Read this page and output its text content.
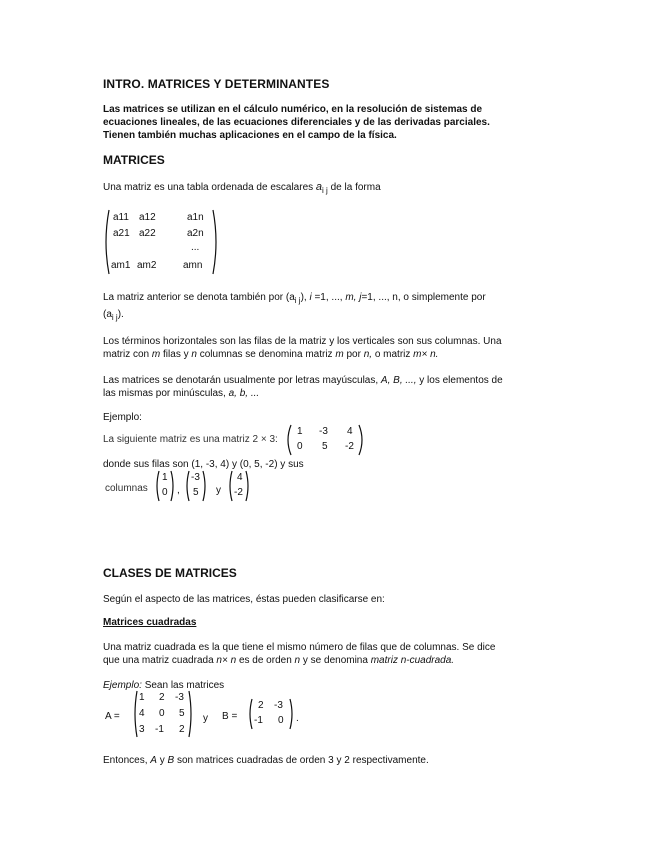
INTRO. MATRICES Y DETERMINANTES
Las matrices se utilizan en el cálculo numérico, en la resolución de sistemas de ecuaciones lineales, de las ecuaciones diferenciales y de las derivadas parciales. Tienen también muchas aplicaciones en el campo de la física.
MATRICES
Una matriz es una tabla ordenada de escalares $a_{i j}$ de la forma
a11 a12	a1n
a21 a22	a2n
...
am1 am2	amn
La matriz anterior se denota también por $(a_{i j})$, i =1, ..., m, j=1, ..., n, o simplemente por
$(a_{i j})$.
Los términos horizontales son las filas de la matriz y los verticales son sus columnas. Una
matriz con m filas y n columnas se denomina matriz m por n, o matriz m× n.
Las matrices se denotarán usualmente por letras mayúsculas, A, B, ..., y los elementos de
las mismas por minúsculas, a, b, ...
Ejemplo:
La siguiente matriz es una matriz 2 × 3:
1 -3 4
0 5 -2
donde sus filas son (1, -3, 4) y (0, 5, -2) y sus
columnas
1
0 ,
-3
5 y
4
-2
CLASES DE MATRICES
Según el aspecto de las matrices, éstas pueden clasificarse en:
Matrices cuadradas
Una matriz cuadrada es la que tiene el mismo número de filas que de columnas. Se dice
que una matriz cuadrada n× n es de orden n y se denomina matriz n-cuadrada.
Ejemplo: Sean las matrices
A =
1 2 -3
4 0 5
3 -1 2
y B =
2 -3
-1 0 .
Entonces, A y B son matrices cuadradas de orden 3 y 2 respectivamente.
